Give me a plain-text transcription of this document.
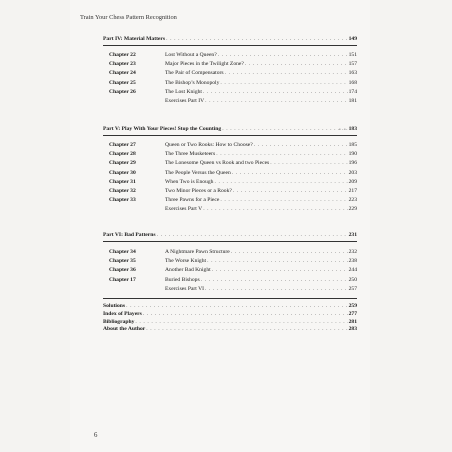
Train Your Chess Pattern Recognition
• •
Part IV: Material Matters . . .	149
Chapter 22	Lost Without a Queen? . . .	151
Chapter 23	Major Pieces in the Twilight Zone? . . .	157
Chapter 24	The Pair of Compensators . . .	163
Chapter 25	The Bishop’s Monopoly . . .	168
Chapter 26	The Lost Knight . . .	174
Exercises Part IV . . .	181
Part V: Play With Your Pieces! Stop the Counting . . .	183
Chapter 27	Queen or Two Rooks: How to Choose? . . .	185
Chapter 28	The Three Musketeers . . .	190
Chapter 29	The Lonesome Queen vs Rook and two Pieces . . .	196
Chapter 30	The People Versus the Queen . . .	203
Chapter 31	When Two is Enough . . .	209
Chapter 32	Two Minor Pieces or a Rook? . . .	217
Chapter 33	Three Pawns for a Piece . . .	223
Exercises Part V . . .	229
Part VI: Bad Patterns . . .	231
Chapter 34	A Nightmare Pawn Structure . . .	232
Chapter 35	The Worse Knight . . .	238
Chapter 36	Another Bad Knight . . .	244
Chapter 17	Buried Bishops . . .	250
Exercises Part VI . . .	257
Solutions . . .	259
Index of Players . . .	277
Bibliography . . .	281
About the Author . . .	283
6
